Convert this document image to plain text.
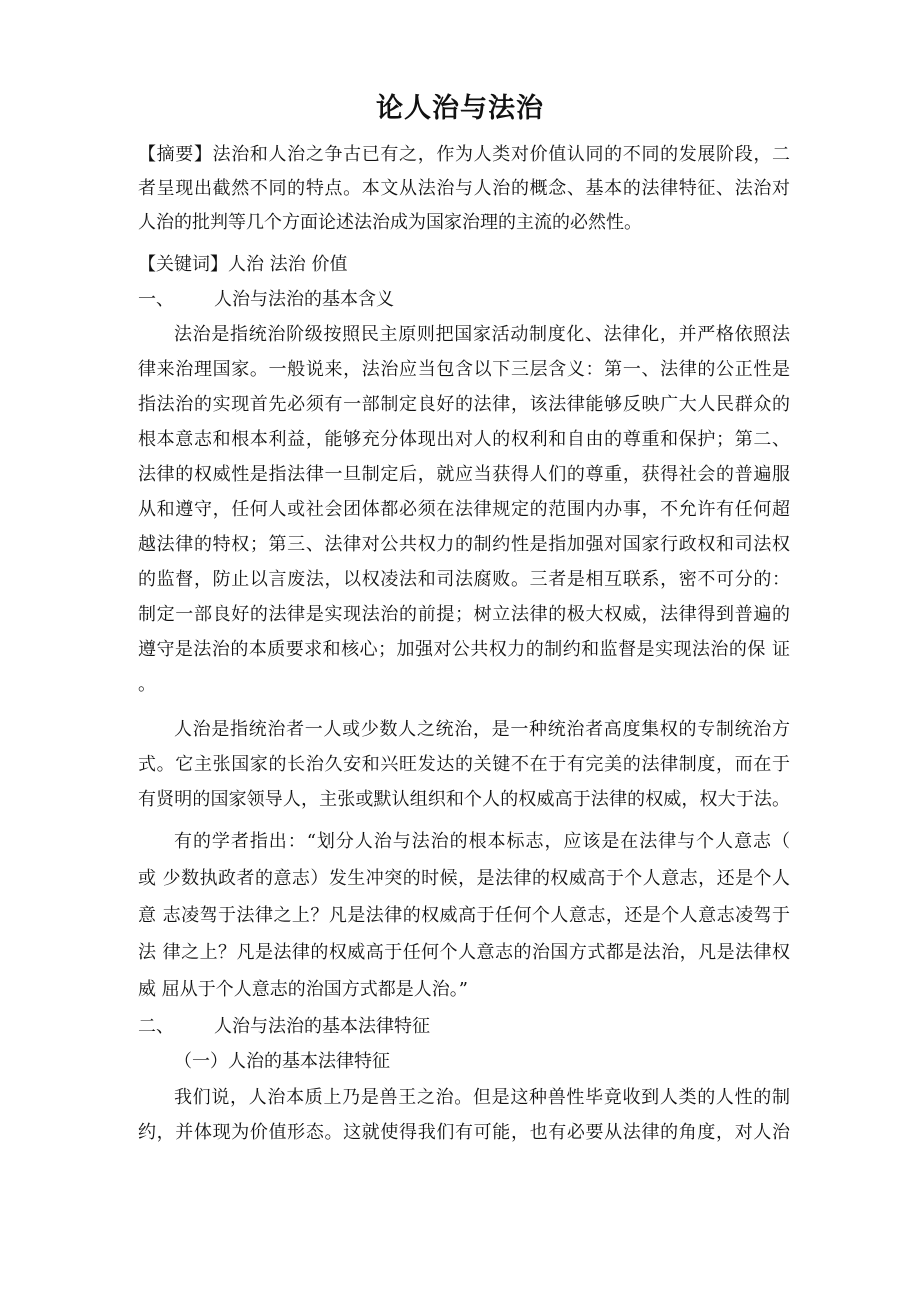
论人治与法治
【摘要】法治和人治之争古已有之，作为人类对价值认同的不同的发展阶段，二
者呈现出截然不同的特点。本文从法治与人治的概念、基本的法律特征、法治对
人治的批判等几个方面论述法治成为国家治理的主流的必然性。
【关键词】人治 法治 价值
一、 人治与法治的基本含义
法治是指统治阶级按照民主原则把国家活动制度化、法律化，并严格依照法
律来治理国家。一般说来，法治应当包含以下三层含义：第一、法律的公正性是
指法治的实现首先必须有一部制定良好的法律，该法律能够反映广大人民群众的
根本意志和根本利益，能够充分体现出对人的权利和自由的尊重和保护；第二、
法律的权威性是指法律一旦制定后，就应当获得人们的尊重，获得社会的普遍服
从和遵守，任何人或社会团体都必须在法律规定的范围内办事，不允许有任何超
越法律的特权；第三、法律对公共权力的制约性是指加强对国家行政权和司法权
的监督，防止以言废法，以权凌法和司法腐败。三者是相互联系，密不可分的：
制定一部良好的法律是实现法治的前提；树立法律的极大权威，法律得到普遍的
遵守是法治的本质要求和核心；加强对公共权力的制约和监督是实现法治的保 证
。
人治是指统治者一人或少数人之统治，是一种统治者高度集权的专制统治方
式。它主张国家的长治久安和兴旺发达的关键不在于有完美的法律制度，而在于
有贤明的国家领导人，主张或默认组织和个人的权威高于法律的权威，权大于法。
有的学者指出：“划分人治与法治的根本标志，应该是在法律与个人意志（
或 少数执政者的意志）发生冲突的时候，是法律的权威高于个人意志，还是个人
意 志凌驾于法律之上？凡是法律的权威高于任何个人意志，还是个人意志凌驾于
法 律之上？凡是法律的权威高于任何个人意志的治国方式都是法治，凡是法律权
威 屈从于个人意志的治国方式都是人治。”
二、 人治与法治的基本法律特征
（一）人治的基本法律特征
我们说，人治本质上乃是兽王之治。但是这种兽性毕竟收到人类的人性的制
约，并体现为价值形态。这就使得我们有可能，也有必要从法律的角度，对人治
